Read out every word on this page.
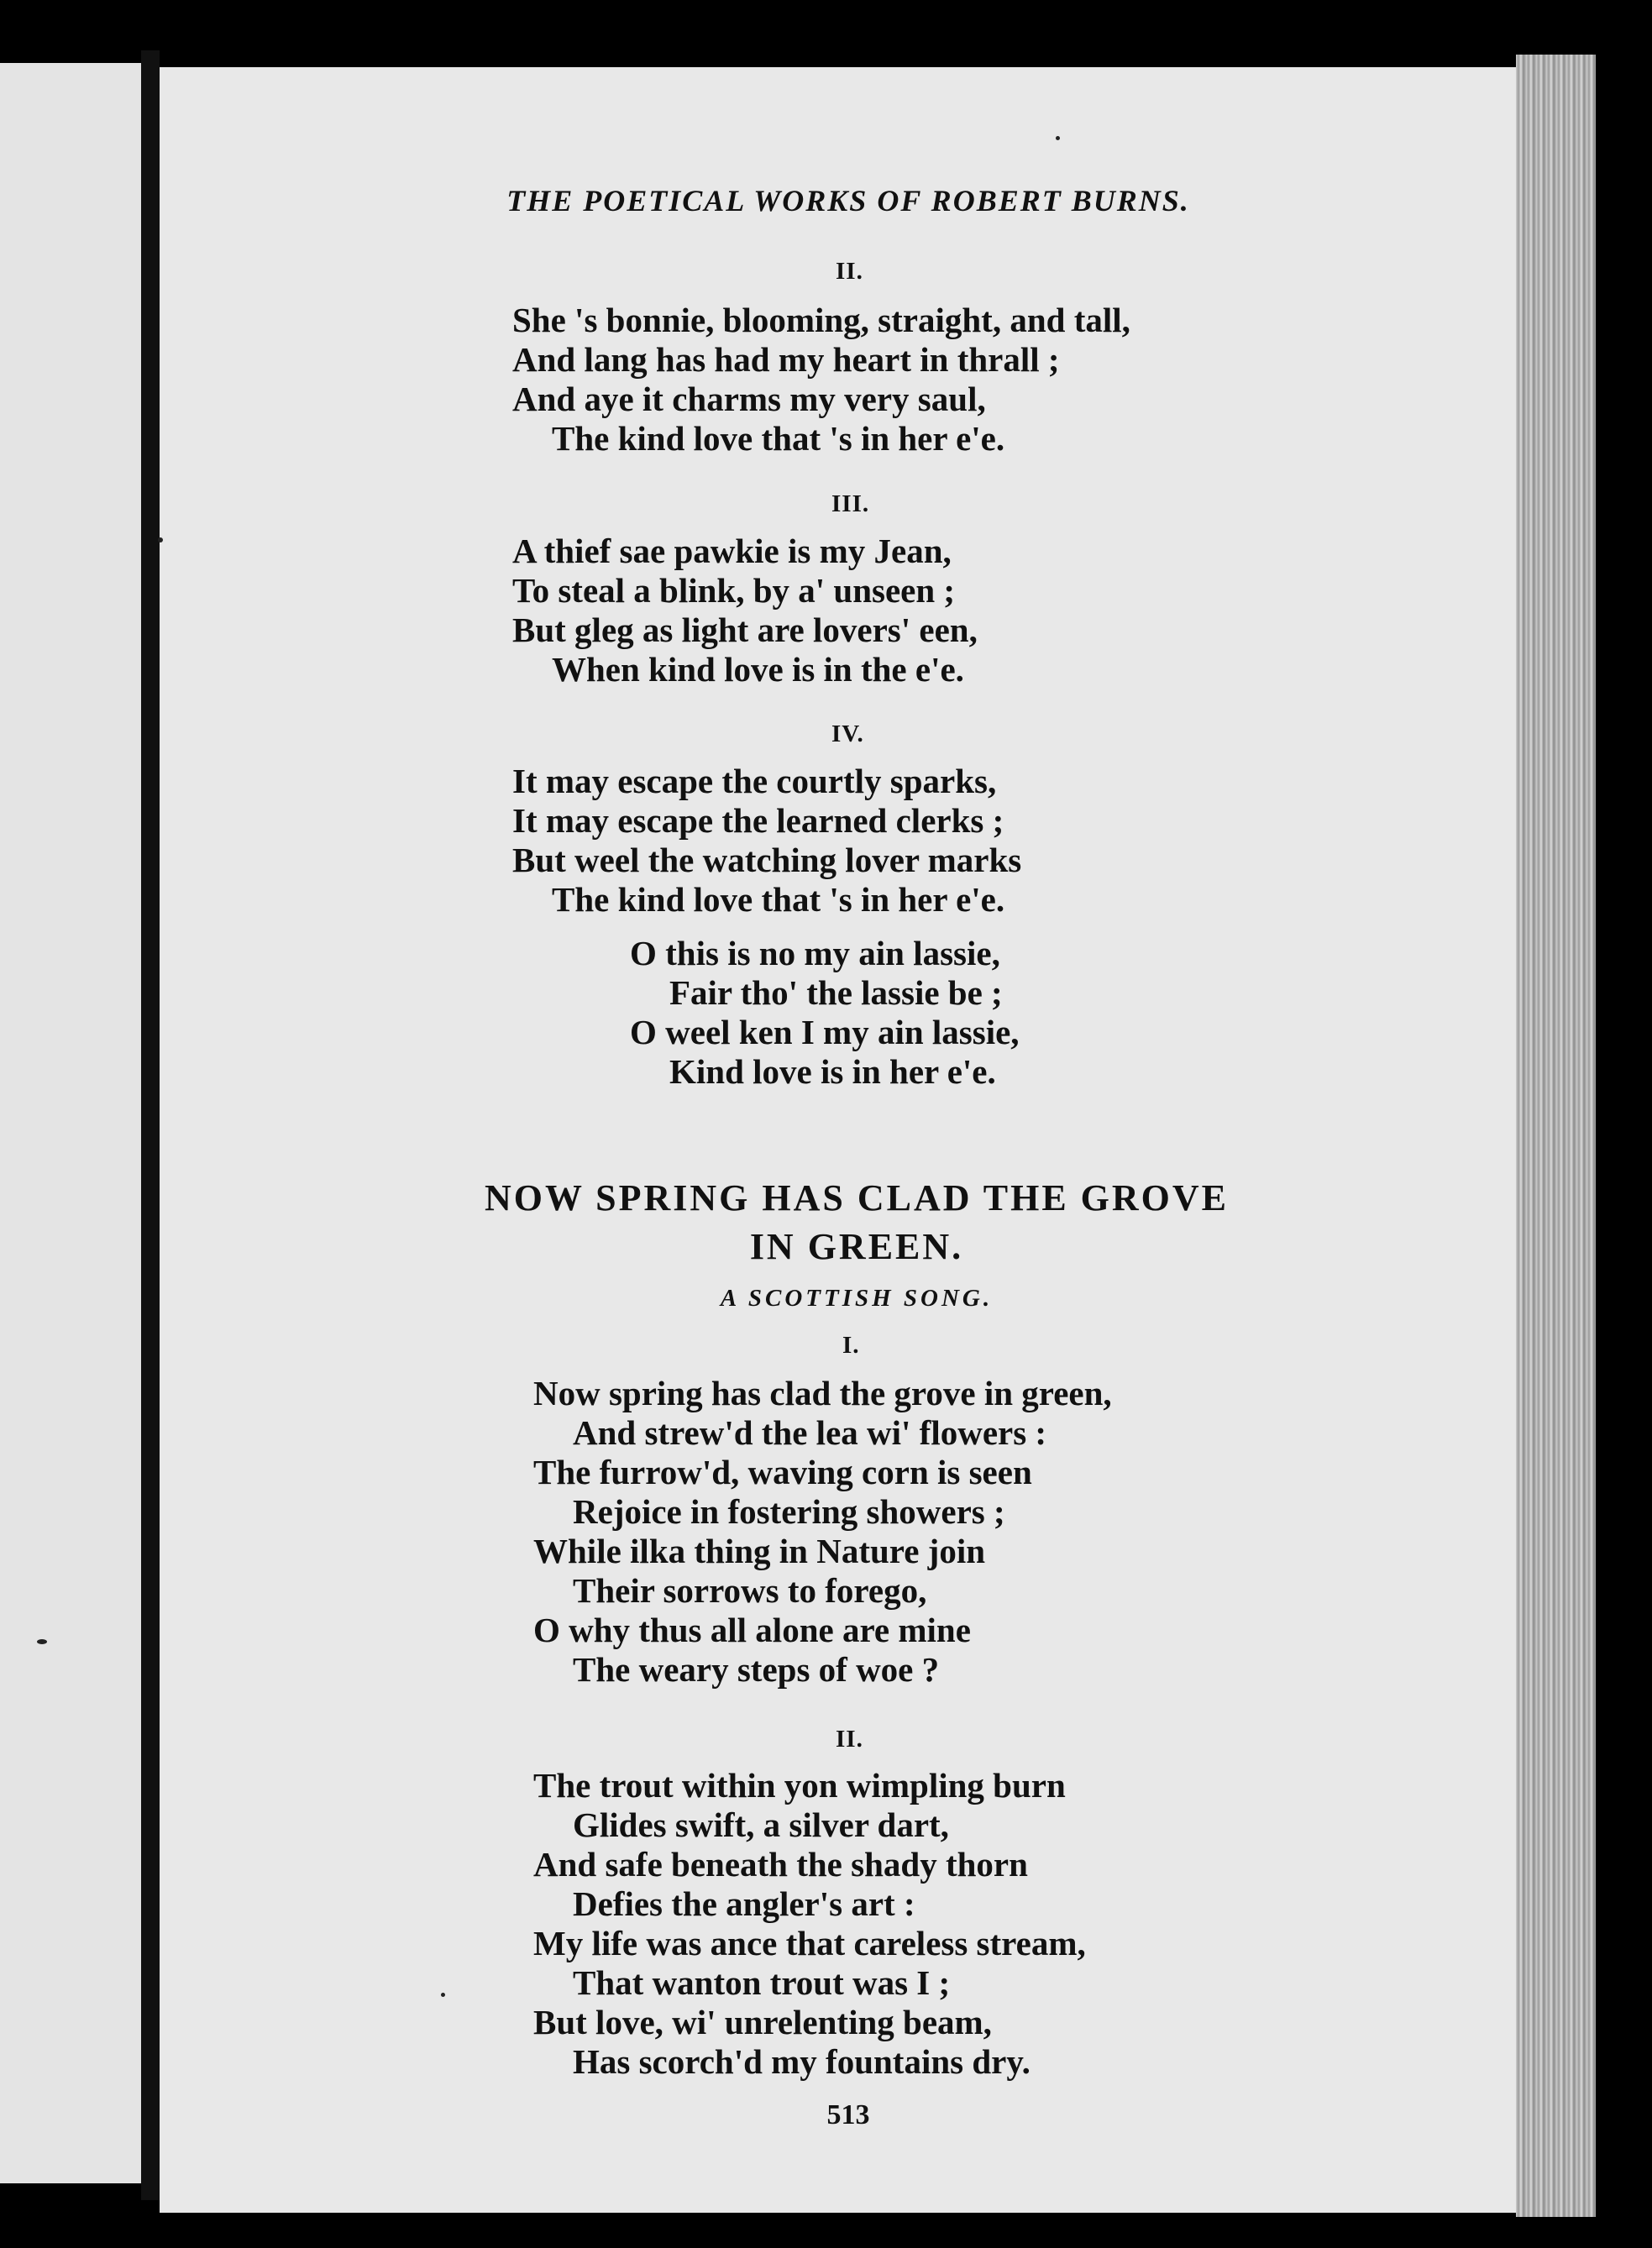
THE POETICAL WORKS OF ROBERT BURNS.
II.
She 's bonnie, blooming, straight, and tall,
And lang has had my heart in thrall ;
And aye it charms my very saul,
The kind love that 's in her e'e.
III.
A thief sae pawkie is my Jean,
To steal a blink, by a' unseen ;
But gleg as light are lovers' een,
When kind love is in the e'e.
IV.
It may escape the courtly sparks,
It may escape the learned clerks ;
But weel the watching lover marks
The kind love that 's in her e'e.
O this is no my ain lassie,
Fair tho' the lassie be ;
O weel ken I my ain lassie,
Kind love is in her e'e.
NOW SPRING HAS CLAD THE GROVE
IN GREEN.
A SCOTTISH SONG.
I.
Now spring has clad the grove in green,
And strew'd the lea wi' flowers :
The furrow'd, waving corn is seen
Rejoice in fostering showers ;
While ilka thing in Nature join
Their sorrows to forego,
O why thus all alone are mine
The weary steps of woe ?
II.
The trout within yon wimpling burn
Glides swift, a silver dart,
And safe beneath the shady thorn
Defies the angler's art :
My life was ance that careless stream,
That wanton trout was I ;
But love, wi' unrelenting beam,
Has scorch'd my fountains dry.
513
